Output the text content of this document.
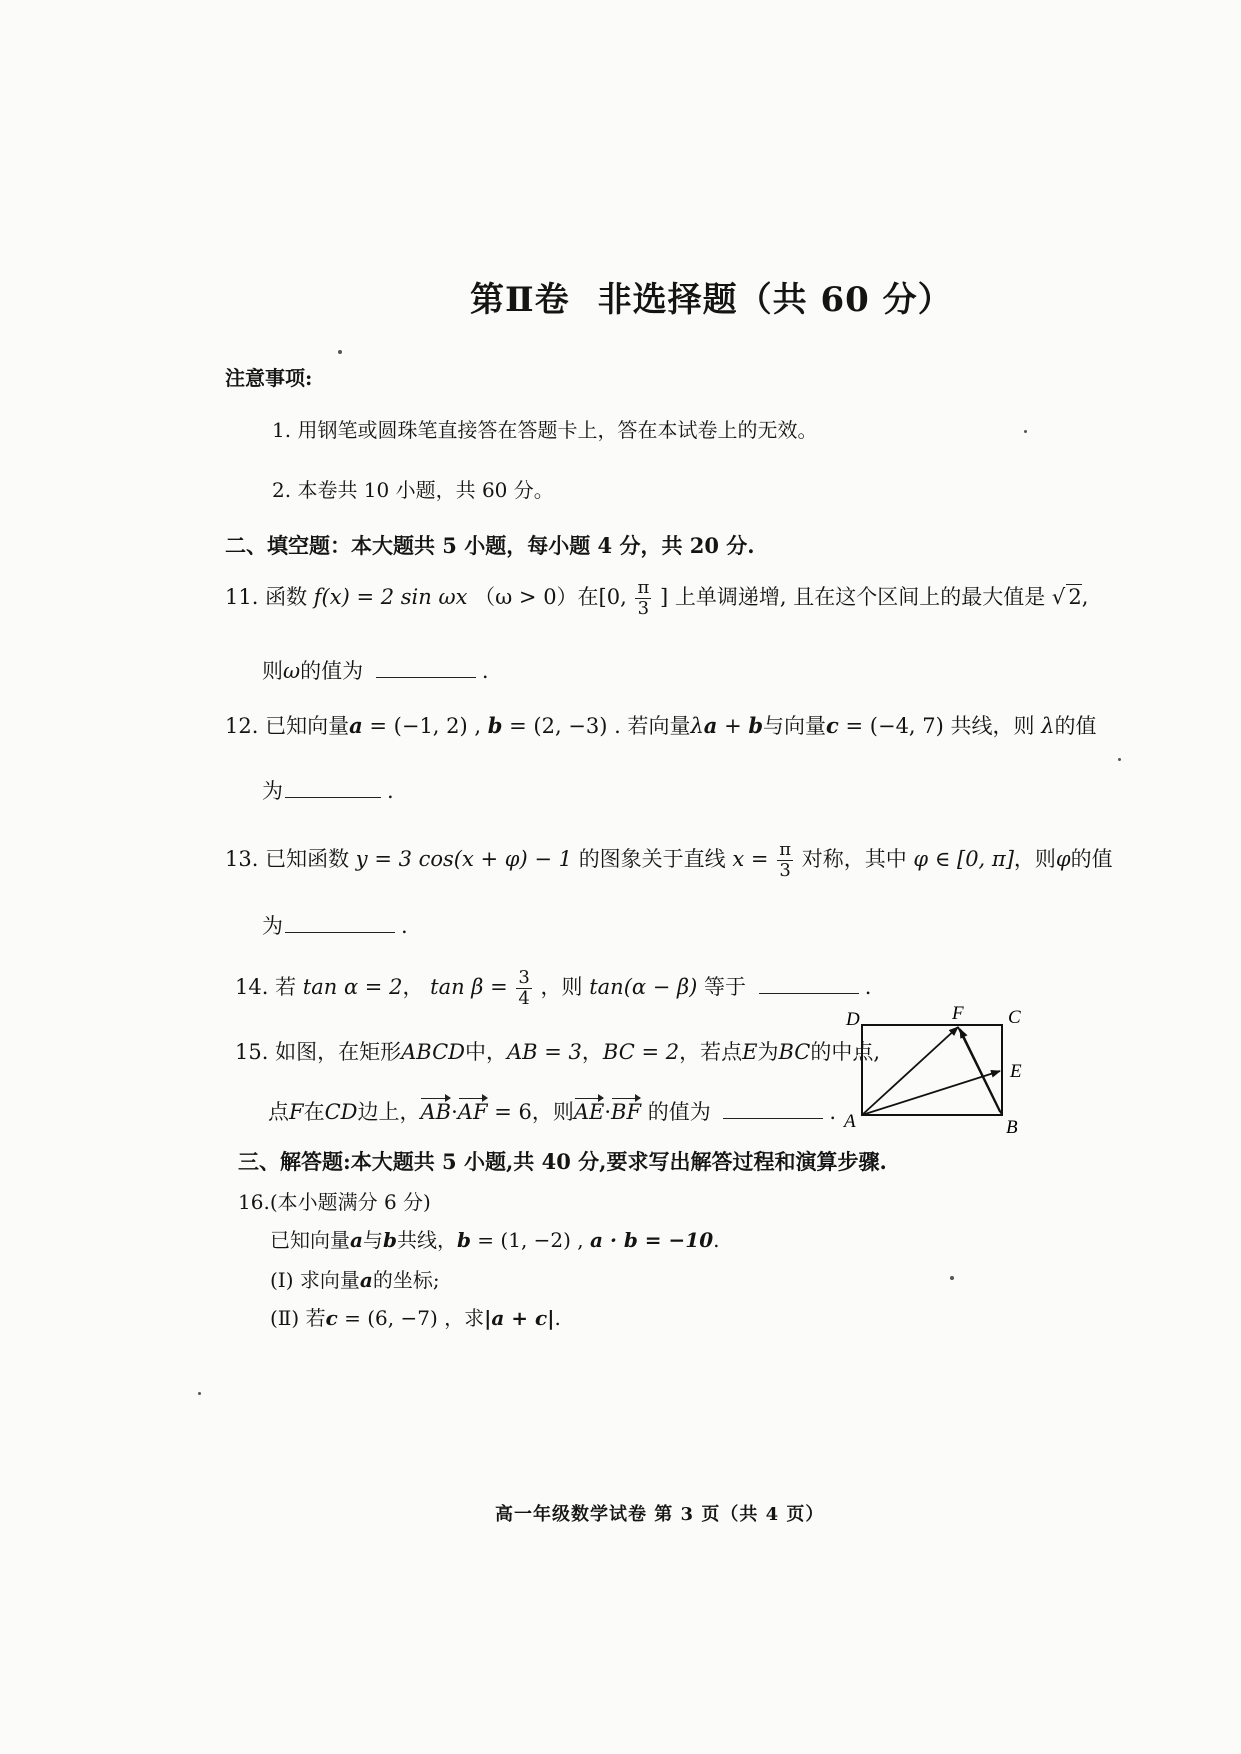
第Ⅱ卷 非选择题（共 60 分）
注意事项:
1. 用钢笔或圆珠笔直接答在答题卡上，答在本试卷上的无效。
2. 本卷共 10 小题，共 60 分。
二、填空题：本大题共 5 小题，每小题 4 分，共 20 分.
11. 函数 f(x) = 2 sin ωx （ω > 0）在[0, $\frac{\pi}{3}$ ] 上单调递增, 且在这个区间上的最大值是 √ 2,
则ω的值为	.
12. 已知向量a = (−1, 2) , b = (2, −3) . 若向量λa + b与向量c = (−4, 7) 共线，则 λ的值
为	.
13. 已知函数 y = 3 cos(x + φ) − 1 的图象关于直线 $x = \frac{\pi}{3}$ 对称，其中 φ ∈ [0, π]，则φ的值
为	.
14. 若 tan α = 2， $\tan \beta = \frac{3}{4}$ ，则 tan(α − β) 等于	.
15. 如图，在矩形ABCD中，AB = 3，BC = 2，若点E为BC的中点,
点F在CD边上，AB·AF = 6，则AE·BF 的值为	.
D	F C
E
A	B
三、解答题:本大题共 5 小题,共 40 分,要求写出解答过程和演算步骤.
16.(本小题满分 6 分)
已知向量a与b共线，b = (1, −2) , a · b = −10.
(Ⅰ) 求向量a的坐标;
(Ⅱ) 若c = (6, −7) ，求|a + c|.
高一年级数学试卷 第 3 页（共 4 页）
